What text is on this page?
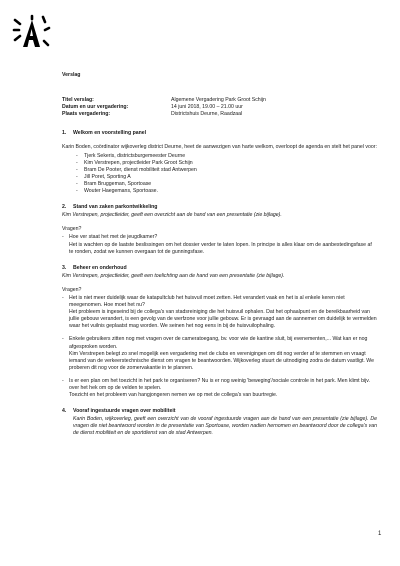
Verslag
Titel verslag:	Algemene Vergadering Park Groot Schijn
Datum en uur vergadering:	14 juni 2018, 19.00 – 21.00 uur
Plaats vergadering:	Districtshuis Deurne, Raadzaal
1.	Welkom en voorstelling panel

Karin Boden, coördinator wijkoverleg district Deurne, heet de aanwezigen van harte welkom, overloopt de agenda en stelt het panel voor:

-	Tjerk Sekeris, districtsburgemeester Deurne
-	Kim Verstrepen, projectleider Park Groot Schijn
-	Bram De Pooter, dienst mobiliteit stad Antwerpen
-	Jill Poret, Sporting A
-	Bram Bruggeman, Sportoase
-	Wouter Haegemans, Sportoase.
2.	Stand van zaken parkontwikkeling

Kim Verstrepen, projectleider, geeft een overzicht aan de hand van een presentatie (zie bijlage).

Vragen?

-	Hoe ver staat het met de jeugdkamer?
Het is wachten op de laatste beslissingen om het dossier verder te laten lopen. In principe is alles klaar om de aanbestedingsfase af te ronden, zodat we kunnen overgaan tot de gunningsfase.
3.	Beheer en onderhoud

Kim Verstrepen, projectleider, geeft een toelichting aan de hand van een presentatie (zie bijlage).

Vragen?

-	Het is niet meer duidelijk waar de katapultclub het huisvuil moet zetten. Het verandert vaak en het is al enkele keren niet meegenomen. Hoe moet het nu?
Het probleem is ingeseind bij de collega's van stadsreiniging die het huisvuil ophalen. Dat het ophaalpunt en de bereikbaarheid van jullie gebouw verandert, is een gevolg van de werfzone voor jullie gebouw. Er is gevraagd aan de aannemer om duidelijk te vermelden waar het vuilnis geplaatst mag worden. We seinen het nog eens in bij de huisvuilophaling.
-	Enkele gebruikers zitten nog met vragen over de cameratoegang, bv. voor wie de kantine sluit, bij evenementen,... Wat kan er nog afgesproken worden.
Kim Verstrepen belegt zo snel mogelijk een vergadering met de clubs en verenigingen om dit nog verder af te stemmen en vraagt iemand van de verkeerstechnische dienst om vragen te beantwoorden. Wijkoverleg stuurt de uitnodiging zodra de datum vastligt. We proberen dit nog voor de zomervakantie in te plannen.
-	Is er een plan om het toezicht in het park te organiseren? Nu is er nog weinig 'beweging'/sociale controle in het park. Men klimt bijv. over het hek om op de velden te spelen.
Toezicht en het probleem van hangjongeren nemen we op met de collega's van buurtregie.
4.	Vooraf ingestuurde vragen over mobiliteit

Karin Boden, wijkoverleg, geeft een overzicht van de vooraf ingestuurde vragen aan de hand van een presentatie (zie bijlage). De vragen die niet beantwoord worden in de presentatie van Sportoase, worden nadien hernomen en beantwoord door de collega's van de dienst mobiliteit en de sportdienst van de stad Antwerpen.

1
